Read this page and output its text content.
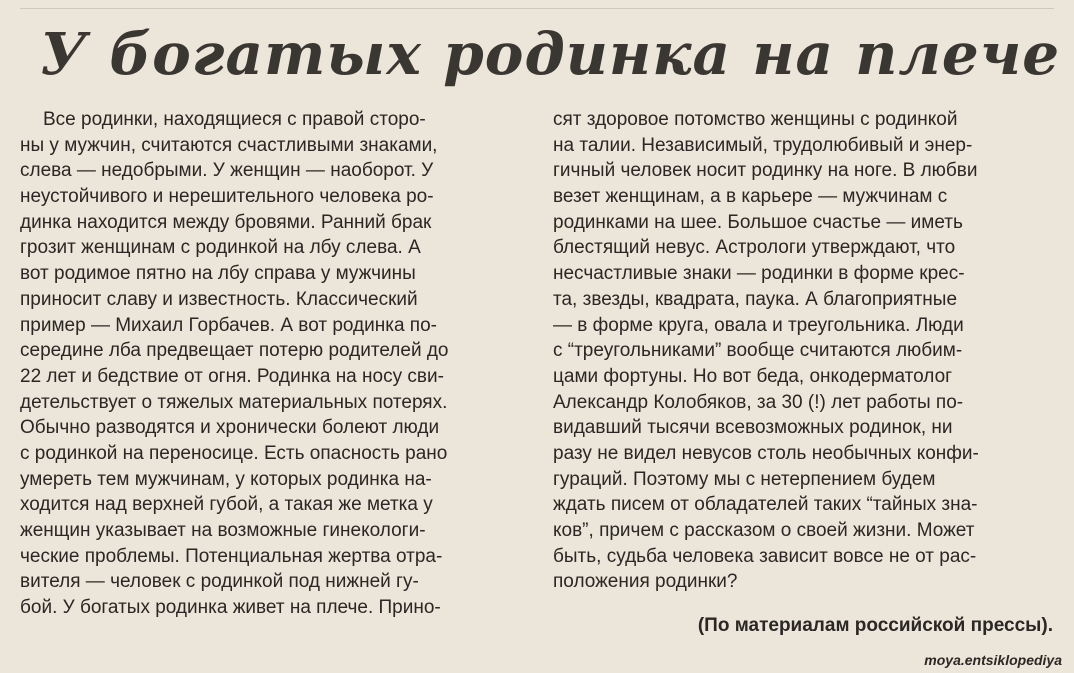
У богатых родинка на плече
Все родинки, находящиеся с правой сторо-
ны у мужчин, считаются счастливыми знаками,
слева — недобрыми. У женщин — наоборот. У
неустойчивого и нерешительного человека ро-
динка находится между бровями. Ранний брак
грозит женщинам с родинкой на лбу слева. А
вот родимое пятно на лбу справа у мужчины
приносит славу и известность. Классический
пример — Михаил Горбачев. А вот родинка по-
середине лба предвещает потерю родителей до
22 лет и бедствие от огня. Родинка на носу сви-
детельствует о тяжелых материальных потерях.
Обычно разводятся и хронически болеют люди
с родинкой на переносице. Есть опасность рано
умереть тем мужчинам, у которых родинка на-
ходится над верхней губой, а такая же метка у
женщин указывает на возможные гинекологи-
ческие проблемы. Потенциальная жертва отра-
вителя — человек с родинкой под нижней гу-
бой. У богатых родинка живет на плече. Прино-
сят здоровое потомство женщины с родинкой
на талии. Независимый, трудолюбивый и энер-
гичный человек носит родинку на ноге. В любви
везет женщинам, а в карьере — мужчинам с
родинками на шее. Большое счастье — иметь
блестящий невус. Астрологи утверждают, что
несчастливые знаки — родинки в форме крес-
та, звезды, квадрата, паука. А благоприятные
— в форме круга, овала и треугольника. Люди
с “треугольниками” вообще считаются любим-
цами фортуны. Но вот беда, онкодерматолог
Александр Колобяков, за 30 (!) лет работы по-
видавший тысячи всевозможных родинок, ни
разу не видел невусов столь необычных конфи-
гураций. Поэтому мы с нетерпением будем
ждать писем от обладателей таких “тайных зна-
ков”, причем с рассказом о своей жизни. Может
быть, судьба человека зависит вовсе не от рас-
положения родинки?
(По материалам российской прессы).
moya.entsiklopediya
